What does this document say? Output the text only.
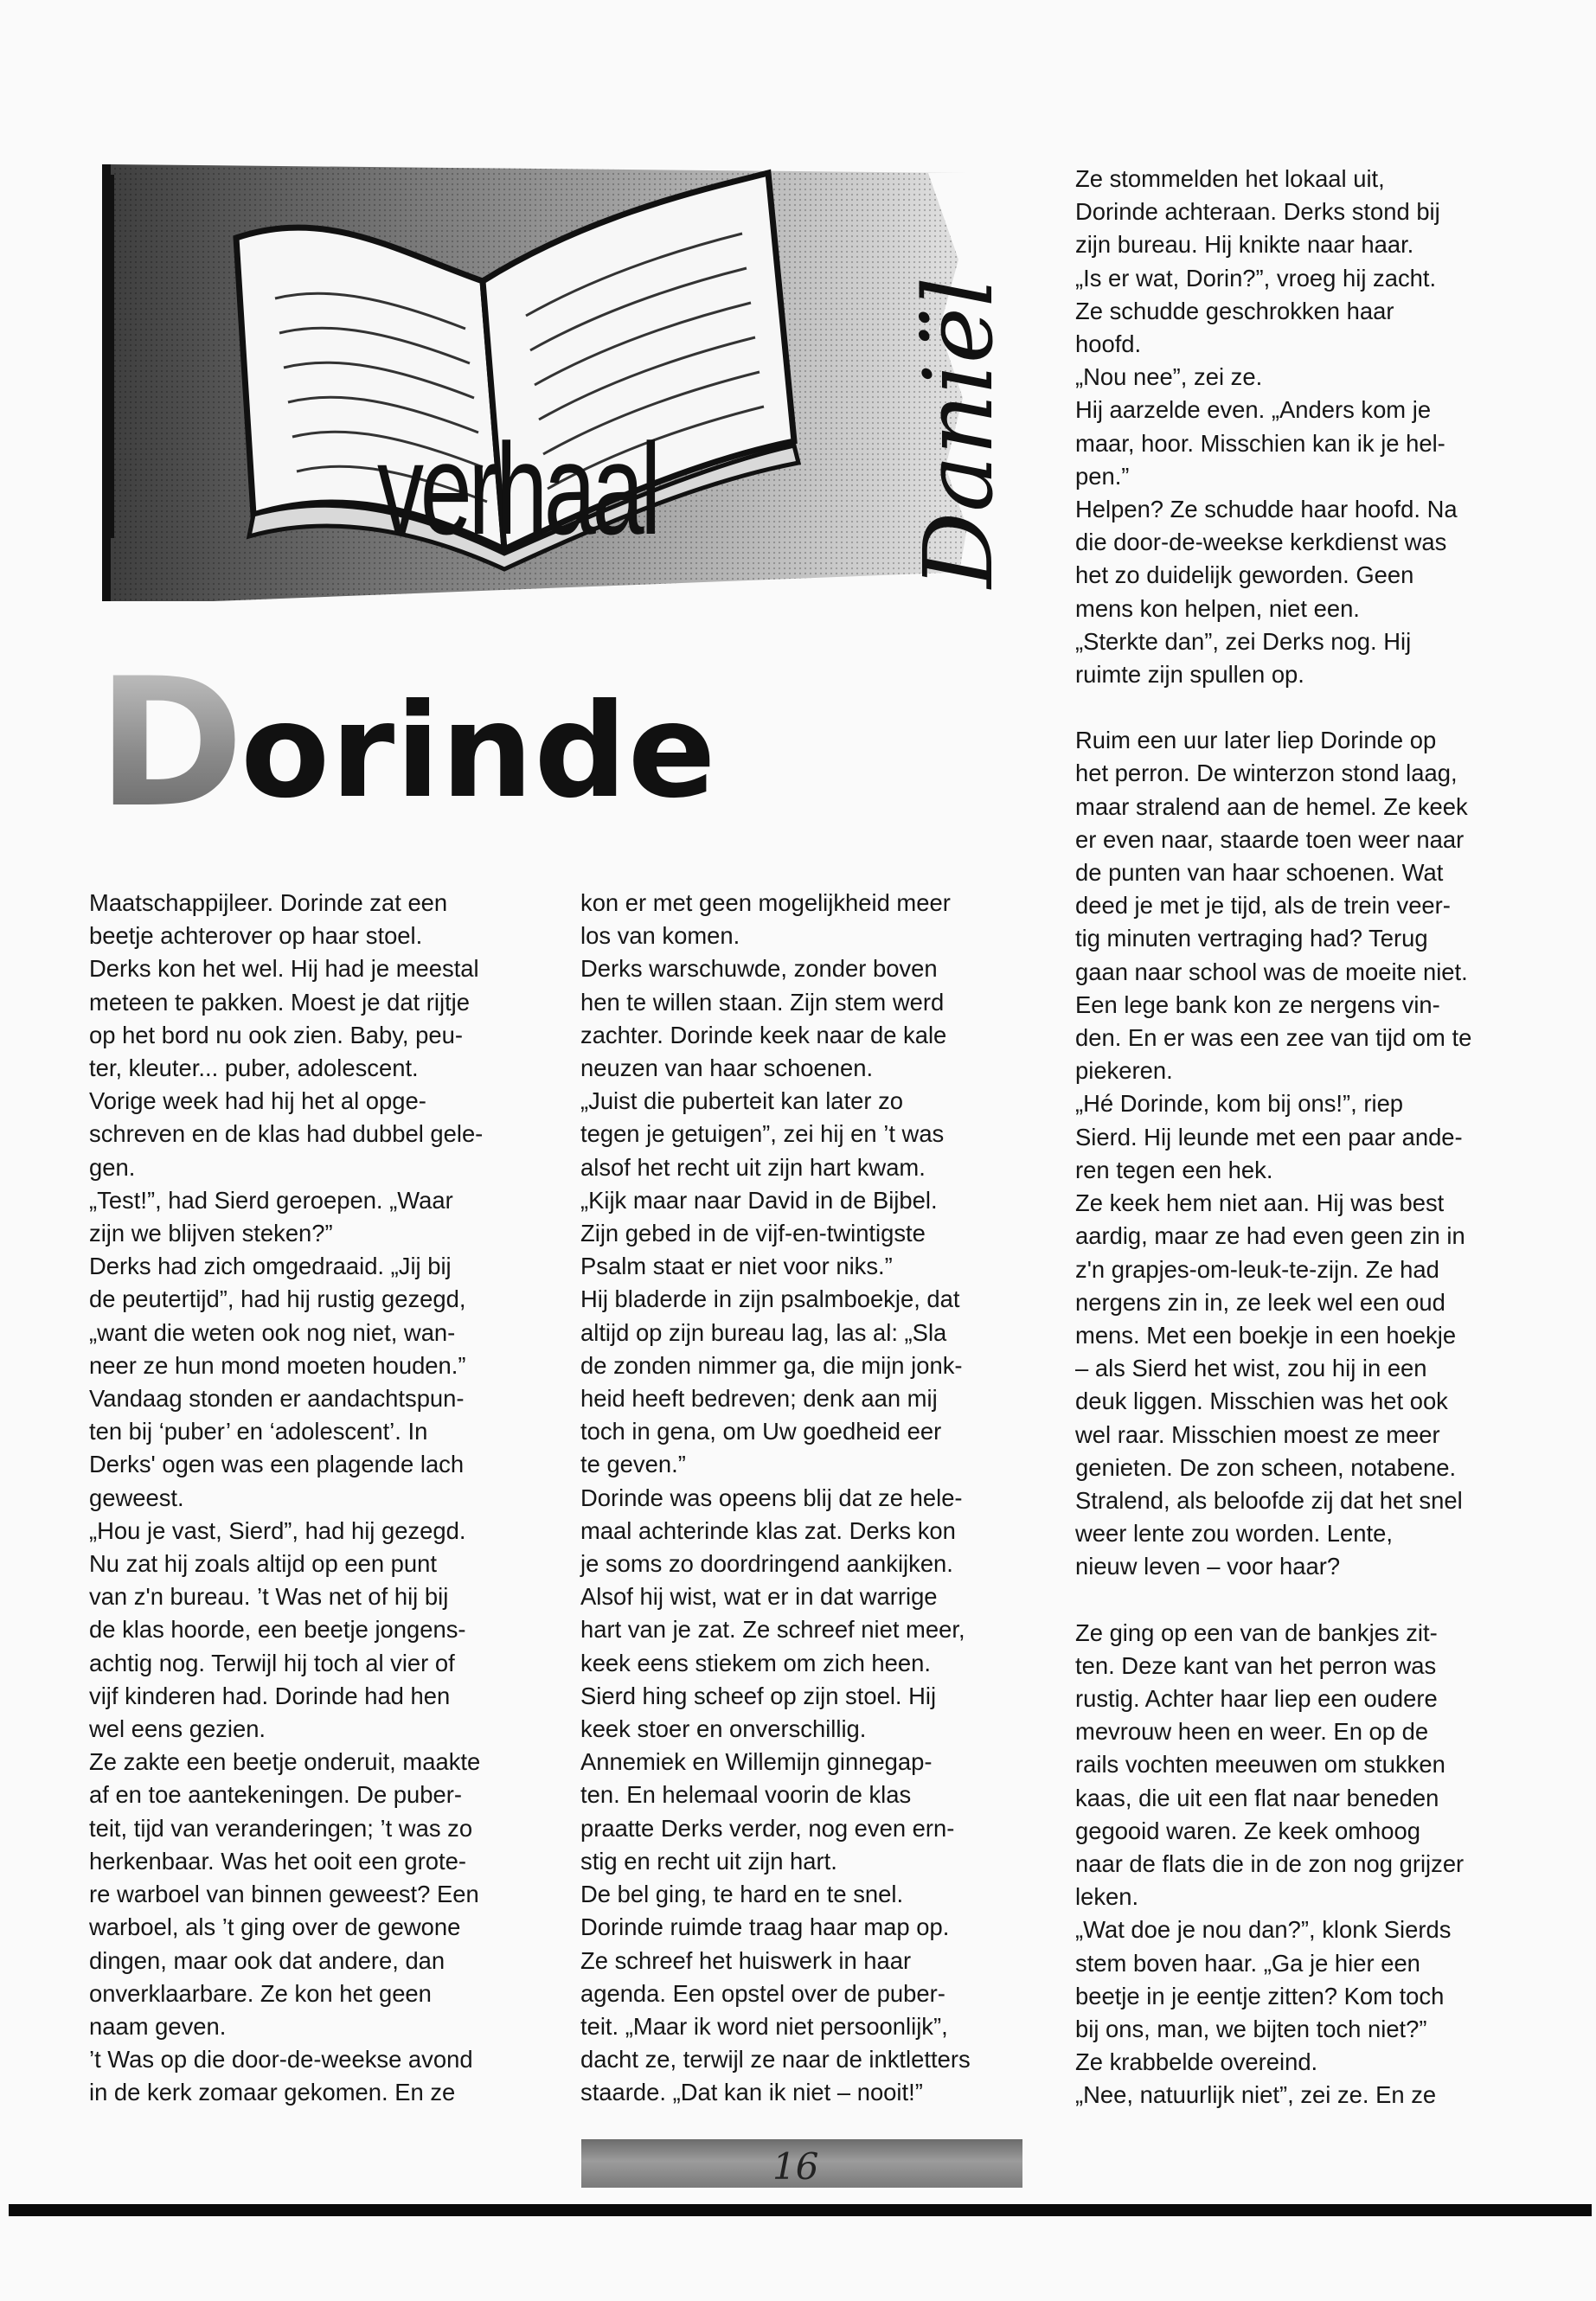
verhaal	Daniël
Dorinde

Maatschappijleer. Dorinde zat een

beetje achterover op haar stoel.

Derks kon het wel. Hij had je meestal

meteen te pakken. Moest je dat rijtje

op het bord nu ook zien. Baby, peu-

ter, kleuter... puber, adolescent.

Vorige week had hij het al opge-

schreven en de klas had dubbel gele-

gen.

„Test!”, had Sierd geroepen. „Waar

zijn we blijven steken?”

Derks had zich omgedraaid. „Jij bij

de peutertijd”, had hij rustig gezegd,

„want die weten ook nog niet, wan-

neer ze hun mond moeten houden.”

Vandaag stonden er aandachtspun-

ten bij ‘puber’ en ‘adolescent’. In

Derks' ogen was een plagende lach

geweest.

„Hou je vast, Sierd”, had hij gezegd.

Nu zat hij zoals altijd op een punt

van z'n bureau. ’t Was net of hij bij

de klas hoorde, een beetje jongens-

achtig nog. Terwijl hij toch al vier of

vijf kinderen had. Dorinde had hen

wel eens gezien.

Ze zakte een beetje onderuit, maakte

af en toe aantekeningen. De puber-

teit, tijd van veranderingen; ’t was zo

herkenbaar. Was het ooit een grote-

re warboel van binnen geweest? Een

warboel, als ’t ging over de gewone

dingen, maar ook dat andere, dan

onverklaarbare. Ze kon het geen

naam geven.

’t Was op die door-de-weekse avond

in de kerk zomaar gekomen. En ze

kon er met geen mogelijkheid meer

los van komen.

Derks warschuwde, zonder boven

hen te willen staan. Zijn stem werd

zachter. Dorinde keek naar de kale

neuzen van haar schoenen.

„Juist die puberteit kan later zo

tegen je getuigen”, zei hij en ’t was

alsof het recht uit zijn hart kwam.

„Kijk maar naar David in de Bijbel.

Zijn gebed in de vijf-en-twintigste

Psalm staat er niet voor niks.”

Hij bladerde in zijn psalmboekje, dat

altijd op zijn bureau lag, las al: „Sla

de zonden nimmer ga, die mijn jonk-

heid heeft bedreven; denk aan mij

toch in gena, om Uw goedheid eer

te geven.”

Dorinde was opeens blij dat ze hele-

maal achterinde klas zat. Derks kon

je soms zo doordringend aankijken.

Alsof hij wist, wat er in dat warrige

hart van je zat. Ze schreef niet meer,

keek eens stiekem om zich heen.

Sierd hing scheef op zijn stoel. Hij

keek stoer en onverschillig.

Annemiek en Willemijn ginnegap-

ten. En helemaal voorin de klas

praatte Derks verder, nog even ern-

stig en recht uit zijn hart.

De bel ging, te hard en te snel.

Dorinde ruimde traag haar map op.

Ze schreef het huiswerk in haar

agenda. Een opstel over de puber-

teit. „Maar ik word niet persoonlijk”,

dacht ze, terwijl ze naar de inktletters

staarde. „Dat kan ik niet – nooit!”

Ze stommelden het lokaal uit,

Dorinde achteraan. Derks stond bij

zijn bureau. Hij knikte naar haar.

„Is er wat, Dorin?”, vroeg hij zacht.

Ze schudde geschrokken haar

hoofd.

„Nou nee”, zei ze.

Hij aarzelde even. „Anders kom je

maar, hoor. Misschien kan ik je hel-

pen.”

Helpen? Ze schudde haar hoofd. Na

die door-de-weekse kerkdienst was

het zo duidelijk geworden. Geen

mens kon helpen, niet een.

„Sterkte dan”, zei Derks nog. Hij

ruimte zijn spullen op.

Ruim een uur later liep Dorinde op

het perron. De winterzon stond laag,

maar stralend aan de hemel. Ze keek

er even naar, staarde toen weer naar

de punten van haar schoenen. Wat

deed je met je tijd, als de trein veer-

tig minuten vertraging had? Terug

gaan naar school was de moeite niet.

Een lege bank kon ze nergens vin-

den. En er was een zee van tijd om te

piekeren.

„Hé Dorinde, kom bij ons!”, riep

Sierd. Hij leunde met een paar ande-

ren tegen een hek.

Ze keek hem niet aan. Hij was best

aardig, maar ze had even geen zin in

z'n grapjes-om-leuk-te-zijn. Ze had

nergens zin in, ze leek wel een oud

mens. Met een boekje in een hoekje

– als Sierd het wist, zou hij in een

deuk liggen. Misschien was het ook

wel raar. Misschien moest ze meer

genieten. De zon scheen, notabene.

Stralend, als beloofde zij dat het snel

weer lente zou worden. Lente,

nieuw leven – voor haar?

Ze ging op een van de bankjes zit-

ten. Deze kant van het perron was

rustig. Achter haar liep een oudere

mevrouw heen en weer. En op de

rails vochten meeuwen om stukken

kaas, die uit een flat naar beneden

gegooid waren. Ze keek omhoog

naar de flats die in de zon nog grijzer

leken.

„Wat doe je nou dan?”, klonk Sierds

stem boven haar. „Ga je hier een

beetje in je eentje zitten? Kom toch

bij ons, man, we bijten toch niet?”

Ze krabbelde overeind.

„Nee, natuurlijk niet”, zei ze. En ze

16
